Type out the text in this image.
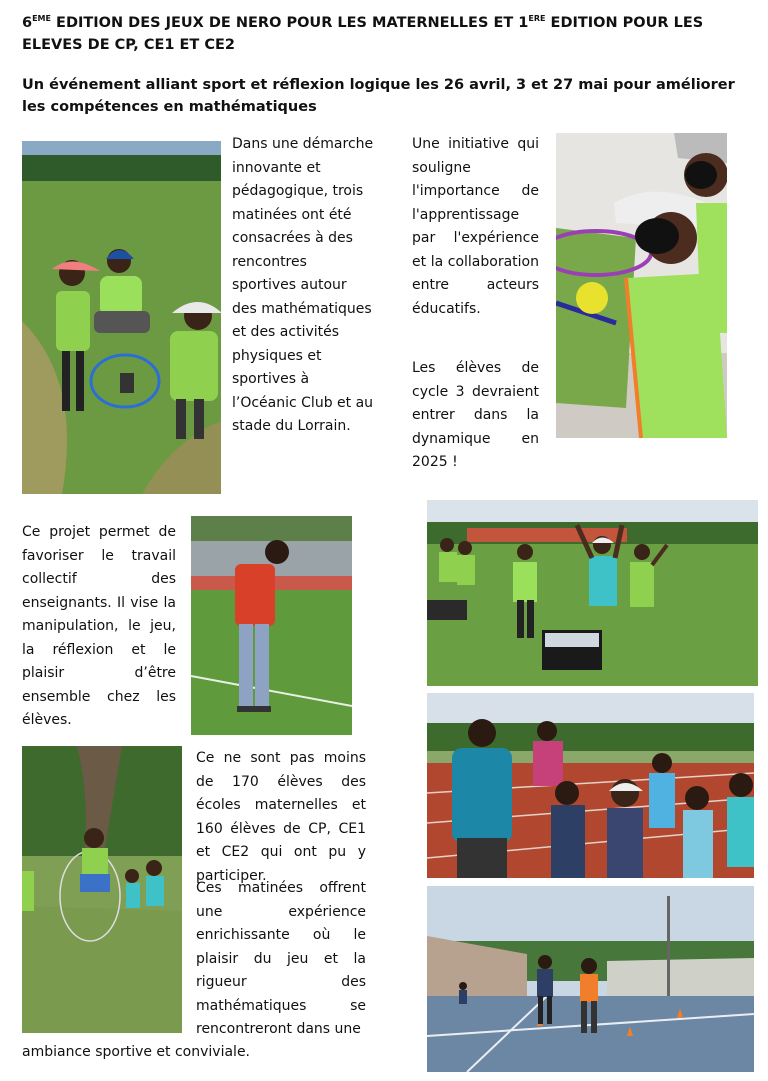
6EME EDITION DES JEUX DE NERO POUR LES MATERNELLES ET 1ERE EDITION POUR LES ELEVES DE CP, CE1 ET CE2
Un événement alliant sport et réflexion logique les 26 avril, 3 et 27 mai pour améliorer les compétences en mathématiques

Dans une démarche innovante et pédagogique, trois matinées ont été consacrées à des rencontres sportives autour des mathématiques et des activités physiques et sportives à l’Océanic Club et au stade du Lorrain.

Une initiative qui souligne l'importance de l'apprentissage par l'expérience et la collaboration entre acteurs éducatifs.

Les élèves de cycle 3 devraient entrer dans la dynamique en 2025 !

Ce projet permet de favoriser le travail collectif des enseignants. Il vise la manipulation, le jeu, la réflexion et le plaisir d’être ensemble chez les élèves.

Ce ne sont pas moins de 170 élèves des écoles maternelles et 160 élèves de CP, CE1 et CE2 qui ont pu y participer.

Ces matinées offrent une expérience enrichissante où le plaisir du jeu et la rigueur des mathématiques se rencontreront dans une

ambiance sportive et conviviale.
